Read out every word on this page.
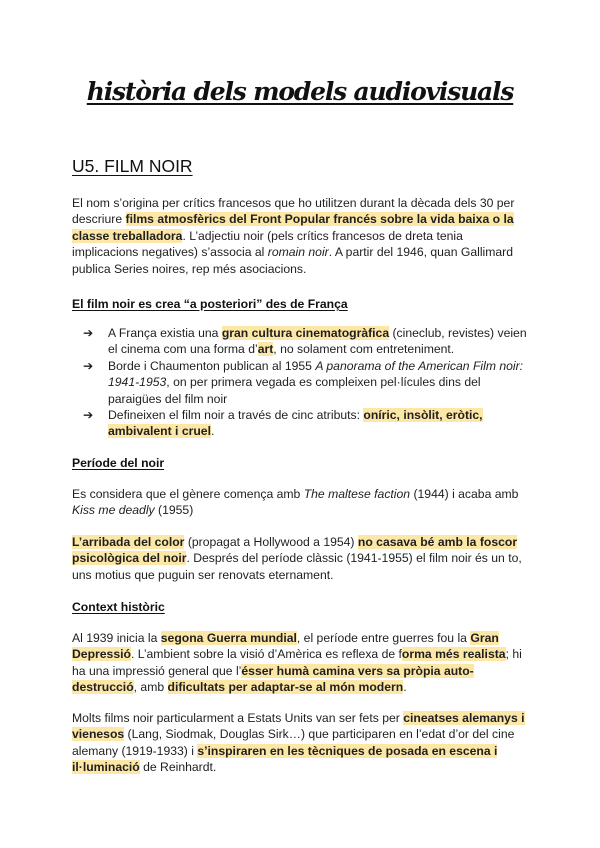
història dels models audiovisuals
U5. FILM NOIR

El nom s’origina per crítics francesos que ho utilitzen durant la dècada dels 30 per descriure films atmosfèrics del Front Popular francés sobre la vida baixa o la classe treballadora. L’adjectiu noir (pels crítics francesos de dreta tenia implicacions negatives) s’associa al romain noir. A partir del 1946, quan Gallimard publica Series noires, rep més asociacions.

El film noir es crea “a posteriori” des de França

➔ A França existia una gran cultura cinematogràfica (cineclub, revistes) veien el cinema com una forma d’art, no solament com entreteniment.
➔ Borde i Chaumenton publican al 1955 A panorama of the American Film noir: 1941-1953, on per primera vegada es compleixen pel·lícules dins del paraigües del film noir
➔ Defineixen el film noir a través de cinc atributs: oníric, insòlit, eròtic, ambivalent i cruel.

Període del noir

Es considera que el gènere comença amb The maltese faction (1944) i acaba amb Kiss me deadly (1955)

L’arribada del color (propagat a Hollywood a 1954) no casava bé amb la foscor psicològica del noir. Després del període clàssic (1941-1955) el film noir és un to, uns motius que puguin ser renovats eternament.

Context històric

Al 1939 inicia la segona Guerra mundial, el període entre guerres fou la Gran Depressió. L’ambient sobre la visió d’Amèrica es reflexa de forma més realista; hi ha una impressió general que l’ésser humà camina vers sa pròpia auto-destrucció, amb dificultats per adaptar-se al món modern.

Molts films noir particularment a Estats Units van ser fets per cineatses alemanys i vienesos (Lang, Siodmak, Douglas Sirk…) que participaren en l’edat d’or del cine alemany (1919-1933) i s’inspiraren en les tècniques de posada en escena i il·luminació de Reinhardt.
